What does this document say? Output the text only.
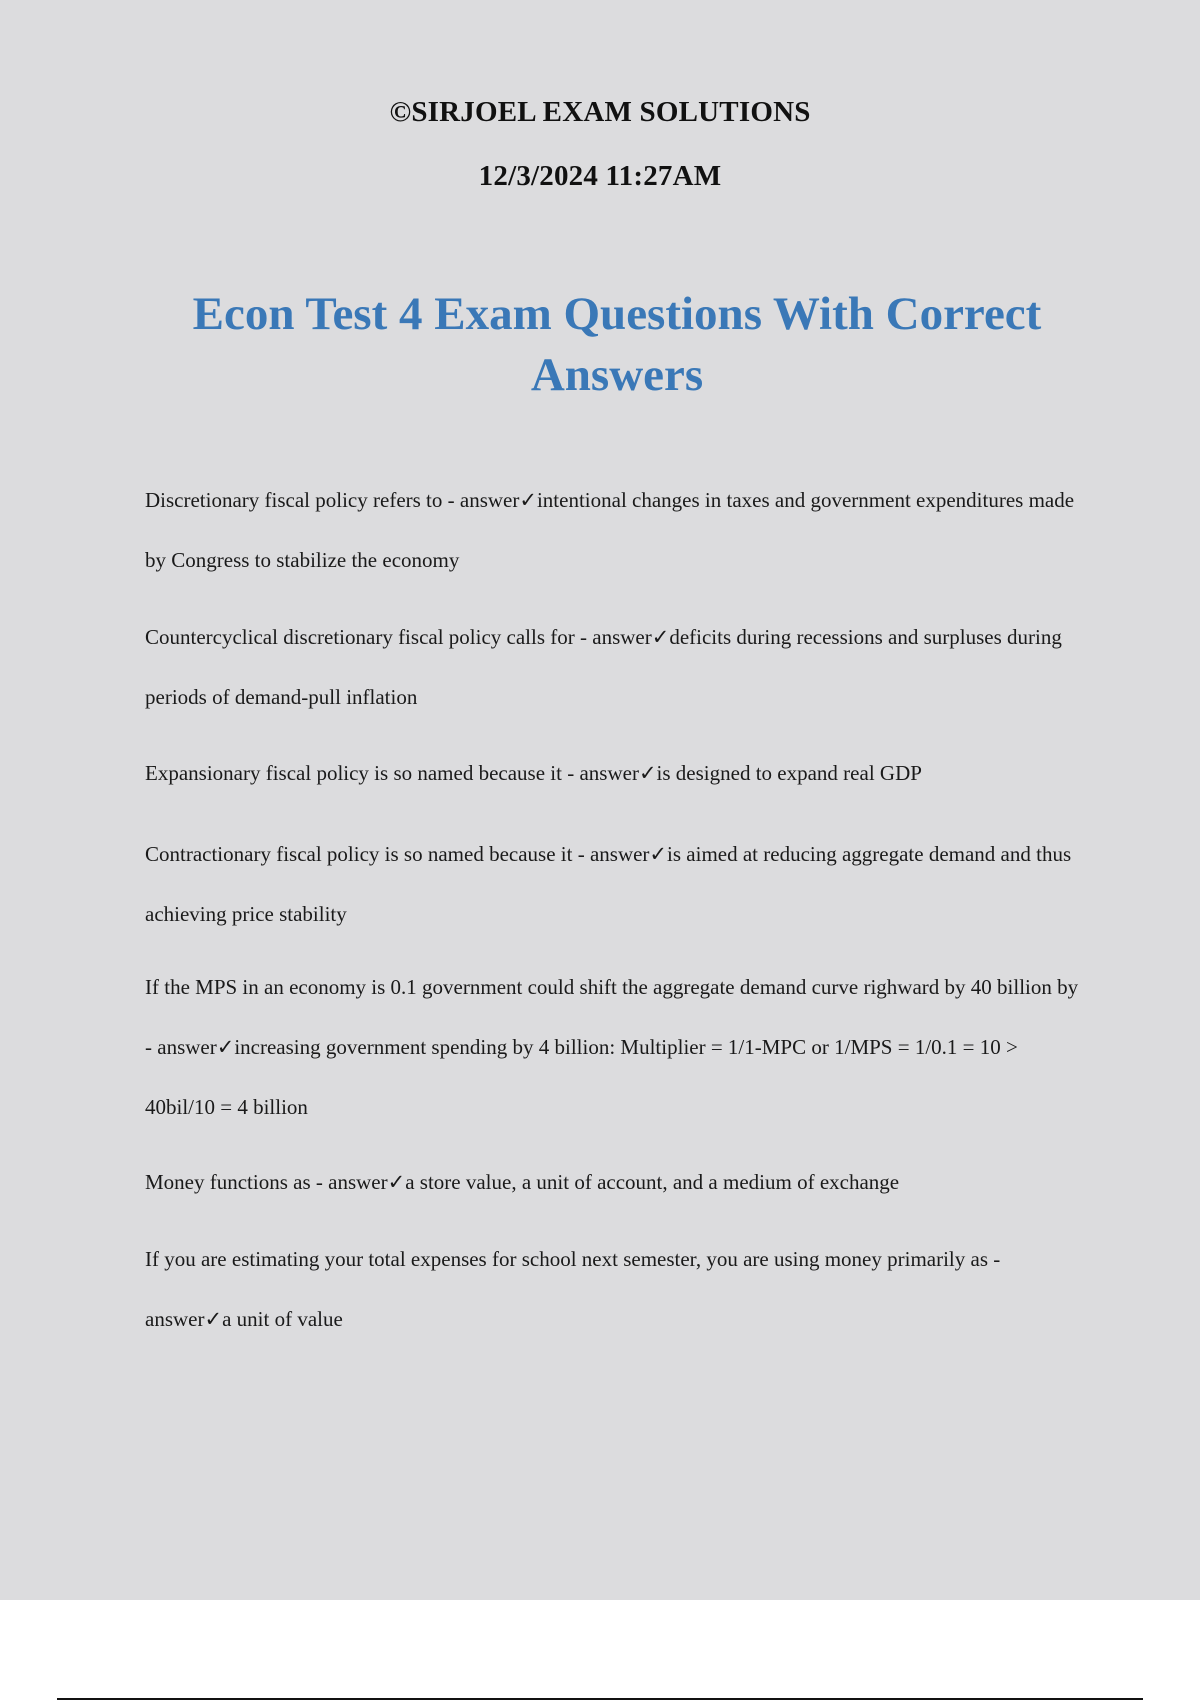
©SIRJOEL EXAM SOLUTIONS
12/3/2024 11:27AM
Econ Test 4 Exam Questions With Correct Answers
Discretionary fiscal policy refers to - answer✓intentional changes in taxes and government expenditures made by Congress to stabilize the economy
Countercyclical discretionary fiscal policy calls for - answer✓deficits during recessions and surpluses during periods of demand-pull inflation
Expansionary fiscal policy is so named because it - answer✓is designed to expand real GDP
Contractionary fiscal policy is so named because it - answer✓is aimed at reducing aggregate demand and thus achieving price stability
If the MPS in an economy is 0.1 government could shift the aggregate demand curve righward by 40 billion by - answer✓increasing government spending by 4 billion: Multiplier = 1/1-MPC or 1/MPS = 1/0.1 = 10 > 40bil/10 = 4 billion
Money functions as - answer✓a store value, a unit of account, and a medium of exchange
If you are estimating your total expenses for school next semester, you are using money primarily as - answer✓a unit of value
